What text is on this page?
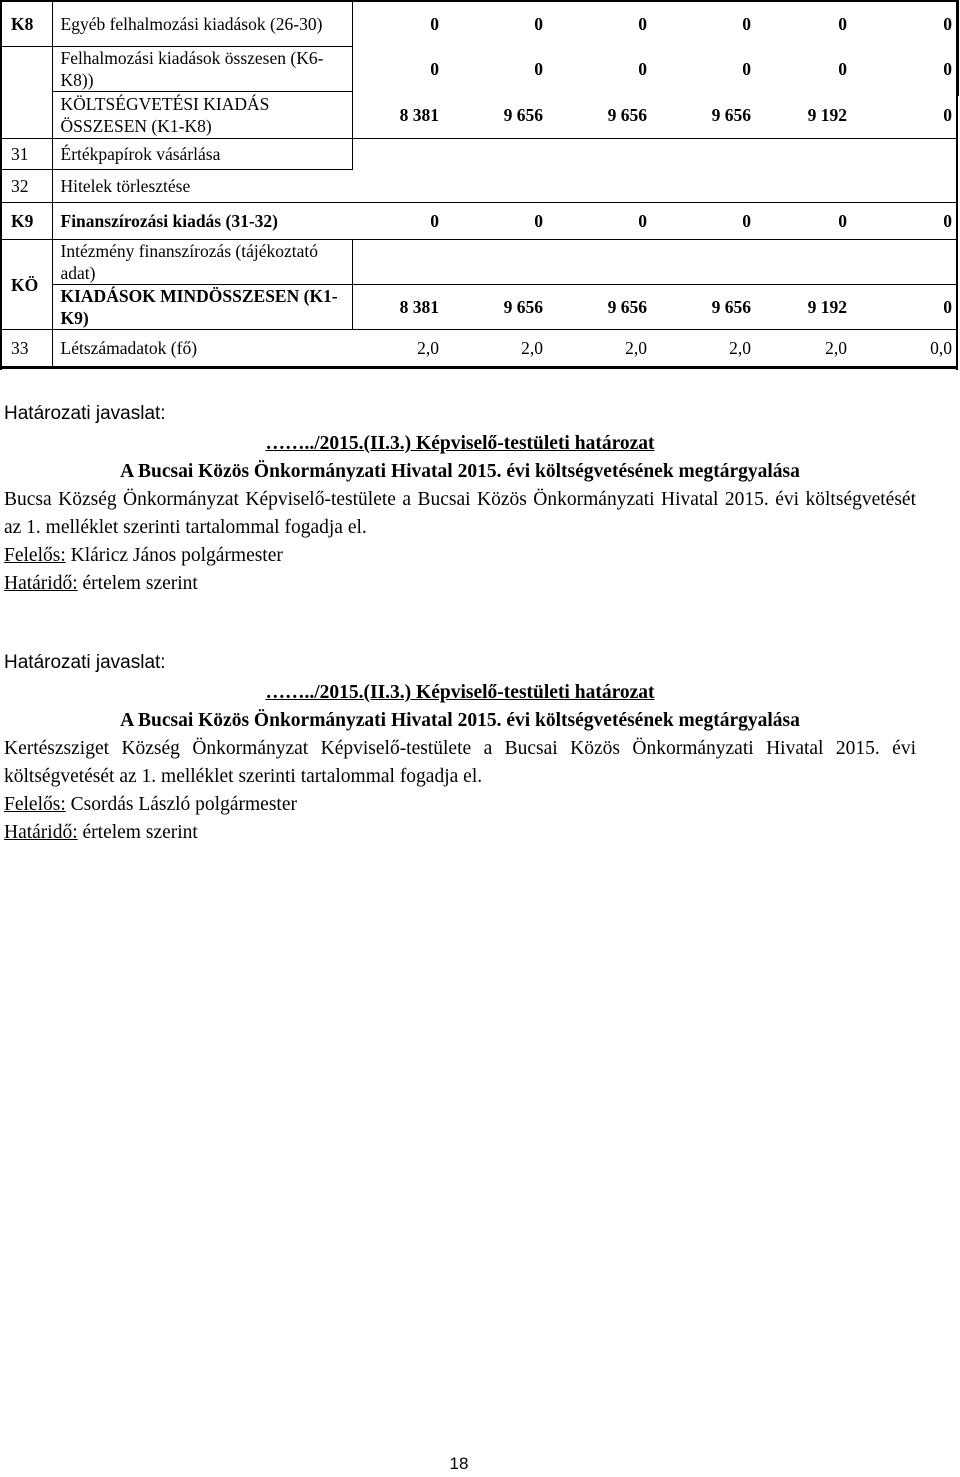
K8	Egyéb felhalmozási kiadások (26-30)	0	0	0	0	0	0
	Felhalmozási kiadások összesen (K6-K8))	0	0	0	0	0	0
	KÖLTSÉGVETÉSI KIADÁS ÖSSZESEN (K1-K8)	8 381	9 656	9 656	9 656	9 192	0
31	Értékpapírok vásárlása						
32	Hitelek törlesztése						
K9	Finanszírozási kiadás (31-32)	0	0	0	0	0	0
KÖ	Intézmény finanszírozás (tájékoztató adat)						
	KIADÁSOK MINDÖSSZESEN (K1-K9)	8 381	9 656	9 656	9 656	9 192	0
33	Létszámadatok (fő)	2,0	2,0	2,0	2,0	2,0	0,0
Határozati javaslat:
……../2015.(II.3.) Képviselő-testületi határozat
A Bucsai Közös Önkormányzati Hivatal 2015. évi költségvetésének megtárgyalása
Bucsa Község Önkormányzat Képviselő-testülete a Bucsai Közös Önkormányzati Hivatal 2015. évi költségvetését az 1. melléklet szerinti tartalommal fogadja el.
Felelős: Kláricz János polgármester
Határidő: értelem szerint
Határozati javaslat:
……../2015.(II.3.) Képviselő-testületi határozat
A Bucsai Közös Önkormányzati Hivatal 2015. évi költségvetésének megtárgyalása
Kertészsziget Község Önkormányzat Képviselő-testülete a Bucsai Közös Önkormányzati Hivatal 2015. évi költségvetését az 1. melléklet szerinti tartalommal fogadja el.
Felelős: Csordás László polgármester
Határidő: értelem szerint
18
